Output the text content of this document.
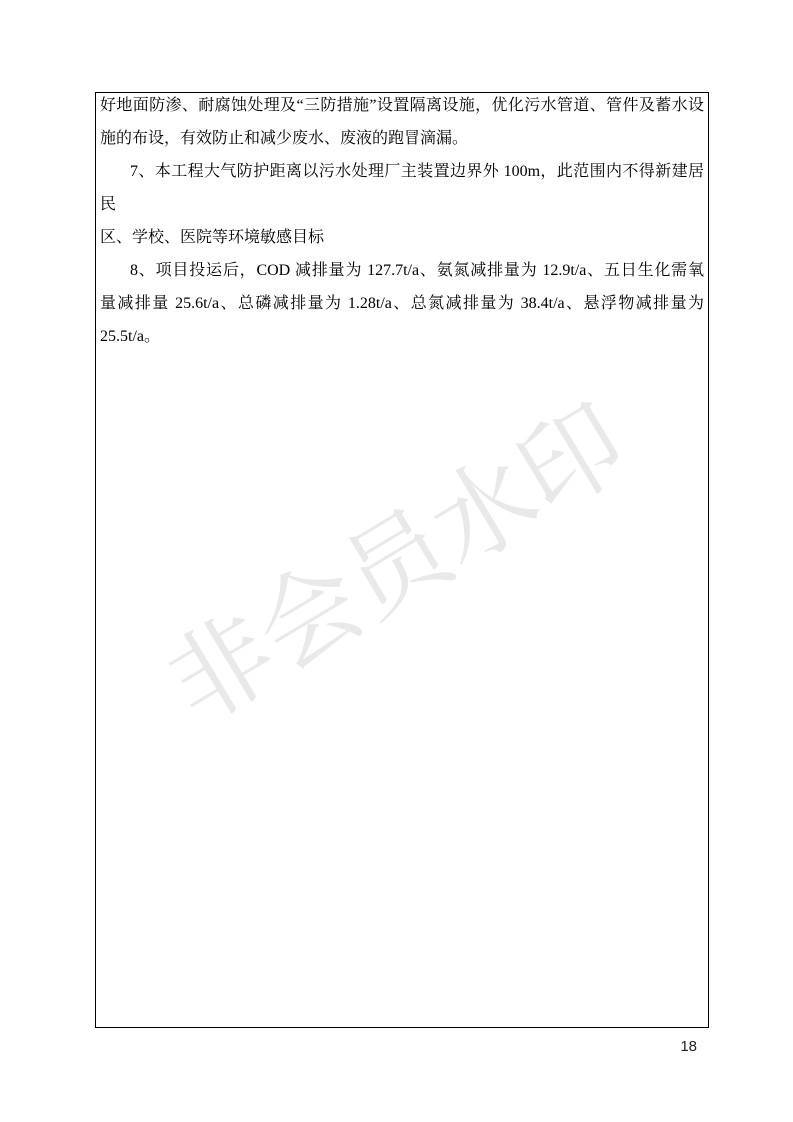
非会员水印
好地面防渗、耐腐蚀处理及“三防措施”设置隔离设施，优化污水管道、管件及蓄水设
施的布设，有效防止和减少废水、废液的跑冒滴漏。
7、本工程大气防护距离以污水处理厂主装置边界外 100m，此范围内不得新建居民
区、学校、医院等环境敏感目标
8、项目投运后，COD 减排量为 127.7t/a、氨氮减排量为 12.9t/a、五日生化需氧
量减排量 25.6t/a、总磷减排量为 1.28t/a、总氮减排量为 38.4t/a、悬浮物减排量为
25.5t/a。
18
